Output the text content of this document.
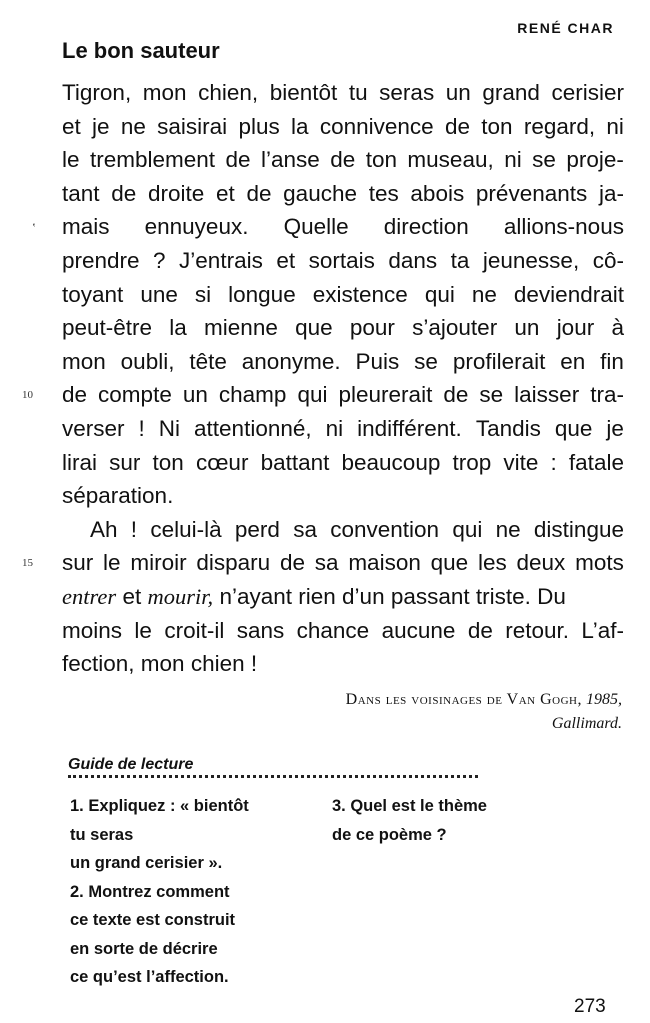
RENÉ CHAR
Le bon sauteur
‛
10
15
Tigron, mon chien, bientôt tu seras un grand cerisier
et je ne saisirai plus la connivence de ton regard, ni
le tremblement de l’anse de ton museau, ni se proje-
tant de droite et de gauche tes abois prévenants ja-
mais ennuyeux. Quelle direction allions-nous
prendre ? J’entrais et sortais dans ta jeunesse, cô-
toyant une si longue existence qui ne deviendrait
peut-être la mienne que pour s’ajouter un jour à
mon oubli, tête anonyme. Puis se profilerait en fin
de compte un champ qui pleurerait de se laisser tra-
verser ! Ni attentionné, ni indifférent. Tandis que je
lirai sur ton cœur battant beaucoup trop vite : fatale
séparation.
Ah ! celui-là perd sa convention qui ne distingue
sur le miroir disparu de sa maison que les deux mots
entrer et mourir, n’ayant rien d’un passant triste. Du
moins le croit-il sans chance aucune de retour. L’af-
fection, mon chien !
Dans les voisinages de Van Gogh, 1985,
Gallimard.
Guide de lecture
1. Expliquez : « bientôt
tu seras
un grand cerisier ».
2. Montrez comment
ce texte est construit
en sorte de décrire
ce qu’est l’affection.
3. Quel est le thème
de ce poème ?
273
